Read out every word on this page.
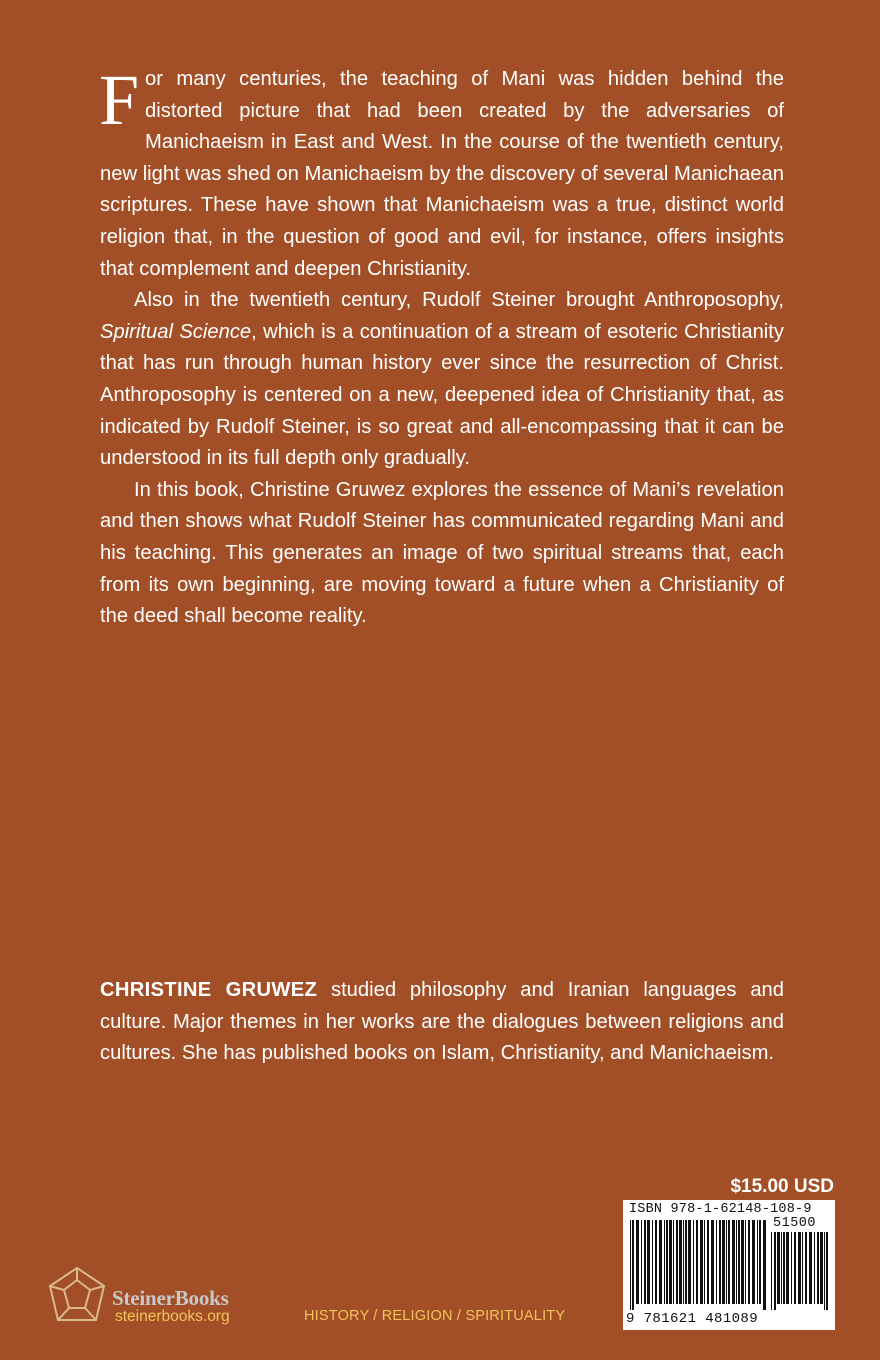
For many centuries, the teaching of Mani was hidden behind the distorted picture that had been created by the adversaries of Manichaeism in East and West. In the course of the twentieth century, new light was shed on Manichaeism by the discovery of several Manichaean scriptures. These have shown that Manichaeism was a true, distinct world religion that, in the question of good and evil, for instance, offers insights that complement and deepen Christianity.

Also in the twentieth century, Rudolf Steiner brought Anthroposophy, Spiritual Science, which is a continuation of a stream of esoteric Christianity that has run through human history ever since the resurrection of Christ. Anthroposophy is centered on a new, deepened idea of Christianity that, as indicated by Rudolf Steiner, is so great and all-encompassing that it can be understood in its full depth only gradually.

In this book, Christine Gruwez explores the essence of Mani’s revelation and then shows what Rudolf Steiner has communicated regarding Mani and his teaching. This generates an image of two spiritual streams that, each from its own beginning, are moving toward a future when a Christianity of the deed shall become reality.

CHRISTINE GRUWEZ studied philosophy and Iranian languages and culture. Major themes in her works are the dialogues between religions and cultures. She has published books on Islam, Christianity, and Manichaeism.

$15.00 USD
ISBN 978-1-62148-108-9
51500
9 781621 481089
SteinerBooks
steinerbooks.org	HISTORY / RELIGION / SPIRITUALITY
